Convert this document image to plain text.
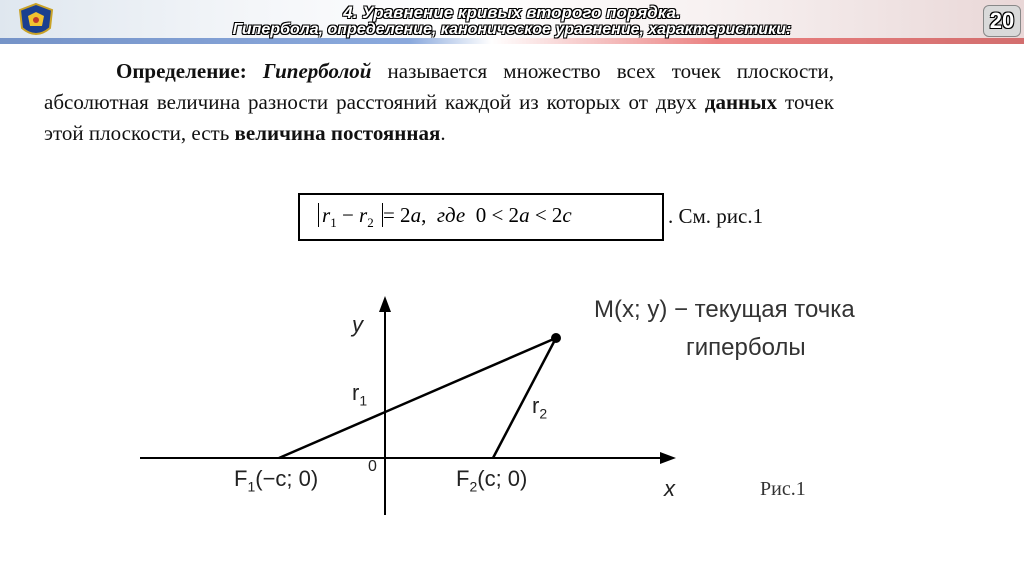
4. Уравнение кривых второго порядка.
Гипербола, определение, каноническое уравнение, характеристики:	20
Определение: Гиперболой называется множество всех точек плоскости, абсолютная величина разности расстояний каждой из которых от двух данных точек этой плоскости, есть величина постоянная.
$r_1 - r_2 = 2a$,  где 0 < 2a < 2c	. См. рис.1
y
x
0
$r_1$	$r_2$
$F_1(-c$; 0)	$F_2(c$; 0)
M(x; y) − текущая точка
гиперболы
Рис.1
